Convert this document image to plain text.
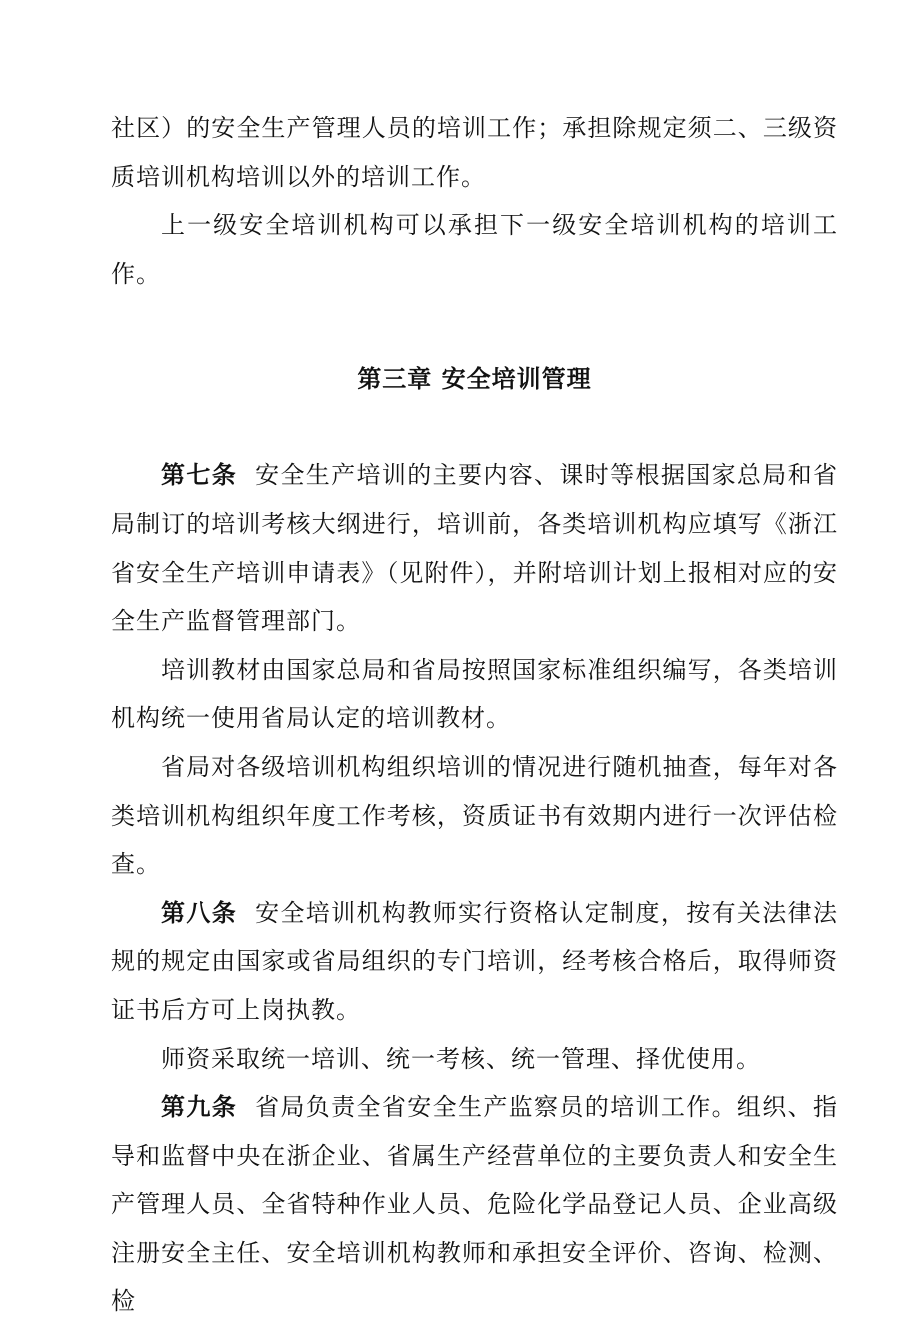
社区）的安全生产管理人员的培训工作；承担除规定须二、三级资质培训机构培训以外的培训工作。

上一级安全培训机构可以承担下一级安全培训机构的培训工作。

第三章 安全培训管理

第七条 安全生产培训的主要内容、课时等根据国家总局和省局制订的培训考核大纲进行，培训前，各类培训机构应填写《浙江省安全生产培训申请表》（见附件），并附培训计划上报相对应的安全生产监督管理部门。

培训教材由国家总局和省局按照国家标准组织编写，各类培训机构统一使用省局认定的培训教材。

省局对各级培训机构组织培训的情况进行随机抽查，每年对各类培训机构组织年度工作考核，资质证书有效期内进行一次评估检查。

第八条 安全培训机构教师实行资格认定制度，按有关法律法规的规定由国家或省局组织的专门培训，经考核合格后，取得师资证书后方可上岗执教。

师资采取统一培训、统一考核、统一管理、择优使用。

第九条 省局负责全省安全生产监察员的培训工作。组织、指导和监督中央在浙企业、省属生产经营单位的主要负责人和安全生产管理人员、全省特种作业人员、危险化学品登记人员、企业高级注册安全主任、安全培训机构教师和承担安全评价、咨询、检测、检
